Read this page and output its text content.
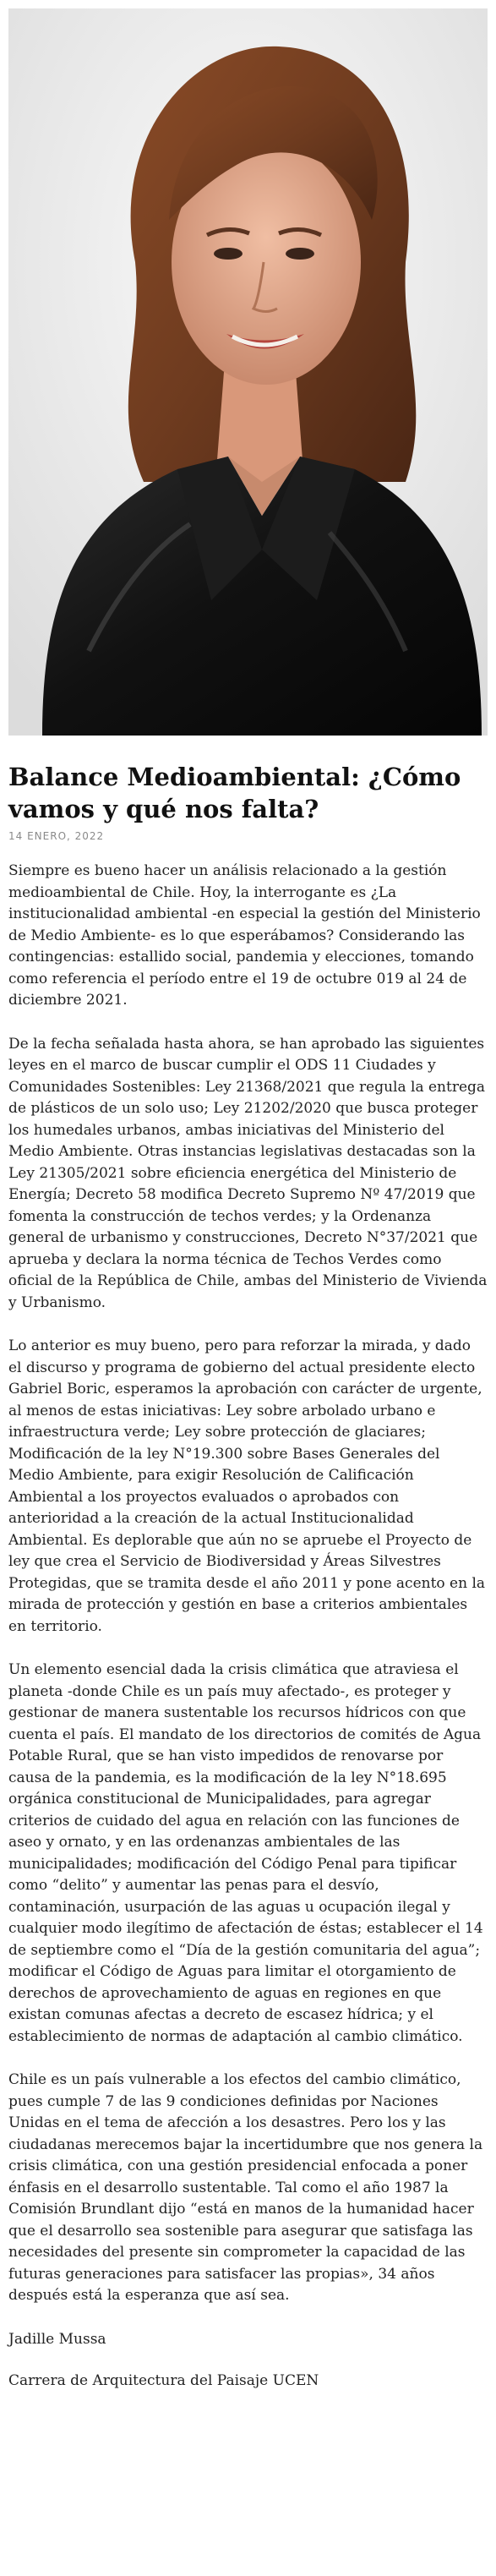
Balance Medioambiental: ¿Cómo vamos y qué nos falta?
14 ENERO, 2022

Siempre es bueno hacer un análisis relacionado a la gestión medioambiental de Chile. Hoy, la interrogante es ¿La institucionalidad ambiental -en especial la gestión del Ministerio de Medio Ambiente- es lo que esperábamos? Considerando las contingencias: estallido social, pandemia y elecciones, tomando como referencia el período entre el 19 de octubre 019 al 24 de diciembre 2021.

De la fecha señalada hasta ahora, se han aprobado las siguientes leyes en el marco de buscar cumplir el ODS 11 Ciudades y Comunidades Sostenibles: Ley 21368/2021 que regula la entrega de plásticos de un solo uso; Ley 21202/2020 que busca proteger los humedales urbanos, ambas iniciativas del Ministerio del Medio Ambiente. Otras instancias legislativas destacadas son la Ley 21305/2021 sobre eficiencia energética del Ministerio de Energía; Decreto 58 modifica Decreto Supremo Nº 47/2019 que fomenta la construcción de techos verdes; y la Ordenanza general de urbanismo y construcciones, Decreto N°37/2021 que aprueba y declara la norma técnica de Techos Verdes como oficial de la República de Chile, ambas del Ministerio de Vivienda y Urbanismo.

Lo anterior es muy bueno, pero para reforzar la mirada, y dado el discurso y programa de gobierno del actual presidente electo Gabriel Boric, esperamos la aprobación con carácter de urgente, al menos de estas iniciativas: Ley sobre arbolado urbano e infraestructura verde; Ley sobre protección de glaciares; Modificación de la ley N°19.300 sobre Bases Generales del Medio Ambiente, para exigir Resolución de Calificación Ambiental a los proyectos evaluados o aprobados con anterioridad a la creación de la actual Institucionalidad Ambiental. Es deplorable que aún no se apruebe el Proyecto de ley que crea el Servicio de Biodiversidad y Áreas Silvestres Protegidas, que se tramita desde el año 2011 y pone acento en la mirada de protección y gestión en base a criterios ambientales en territorio.

Un elemento esencial dada la crisis climática que atraviesa el planeta -donde Chile es un país muy afectado-, es proteger y gestionar de manera sustentable los recursos hídricos con que cuenta el país. El mandato de los directorios de comités de Agua Potable Rural, que se han visto impedidos de renovarse por causa de la pandemia, es la modificación de la ley N°18.695 orgánica constitucional de Municipalidades, para agregar criterios de cuidado del agua en relación con las funciones de aseo y ornato, y en las ordenanzas ambientales de las municipalidades; modificación del Código Penal para tipificar como “delito” y aumentar las penas para el desvío, contaminación, usurpación de las aguas u ocupación ilegal y cualquier modo ilegítimo de afectación de éstas; establecer el 14 de septiembre como el “Día de la gestión comunitaria del agua”; modificar el Código de Aguas para limitar el otorgamiento de derechos de aprovechamiento de aguas en regiones en que existan comunas afectas a decreto de escasez hídrica; y el establecimiento de normas de adaptación al cambio climático.

Chile es un país vulnerable a los efectos del cambio climático, pues cumple 7 de las 9 condiciones definidas por Naciones Unidas en el tema de afección a los desastres. Pero los y las ciudadanas merecemos bajar la incertidumbre que nos genera la crisis climática, con una gestión presidencial enfocada a poner énfasis en el desarrollo sustentable. Tal como el año 1987 la Comisión Brundlant dijo “está en manos de la humanidad hacer que el desarrollo sea sostenible para asegurar que satisfaga las necesidades del presente sin comprometer la capacidad de las futuras generaciones para satisfacer las propias», 34 años después está la esperanza que así sea.

Jadille Mussa
Carrera de Arquitectura del Paisaje UCEN
